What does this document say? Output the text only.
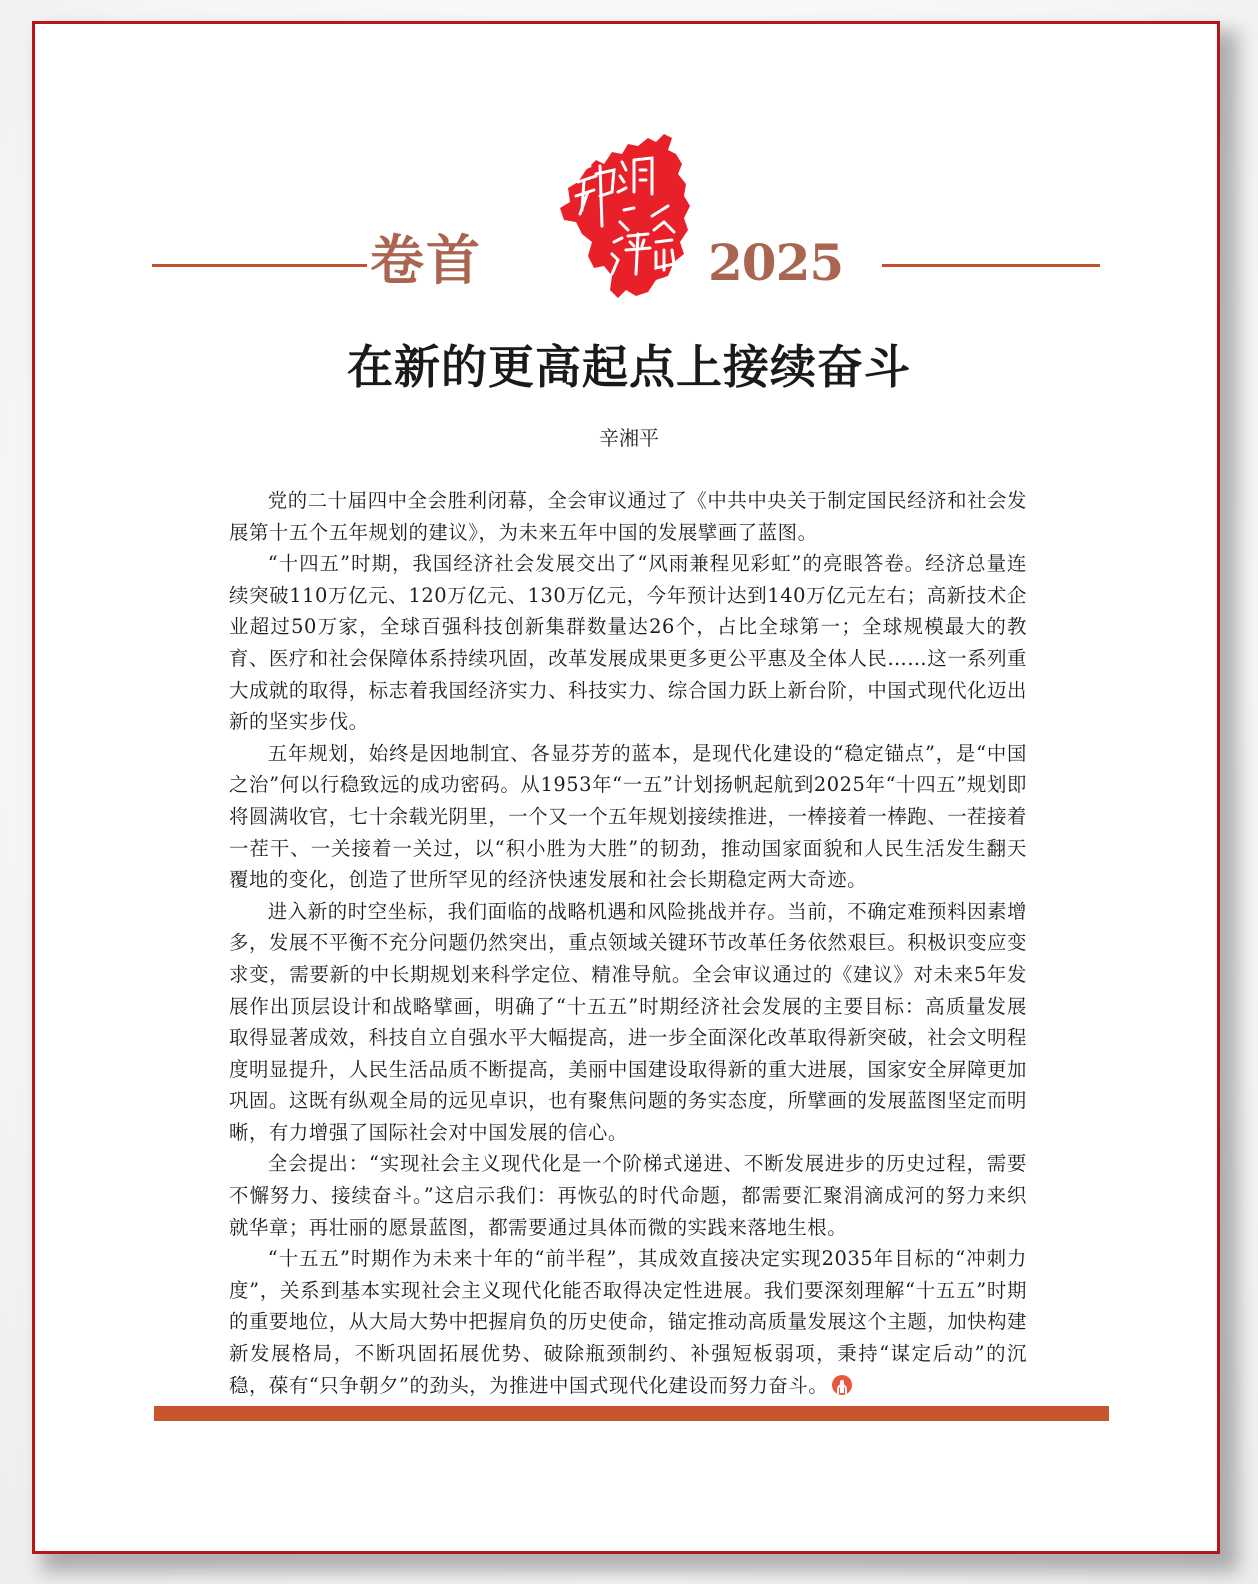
卷首	2025
在新的更高起点上接续奋斗
辛湘平

党的二十届四中全会胜利闭幕，全会审议通过了《中共中央关于制定国民经济和社会发展第十五个五年规划的建议》，为未来五年中国的发展擘画了蓝图。

“十四五”时期，我国经济社会发展交出了“风雨兼程见彩虹”的亮眼答卷。经济总量连续突破110万亿元、120万亿元、130万亿元，今年预计达到140万亿元左右；高新技术企业超过50万家，全球百强科技创新集群数量达26个，占比全球第一；全球规模最大的教育、医疗和社会保障体系持续巩固，改革发展成果更多更公平惠及全体人民……这一系列重大成就的取得，标志着我国经济实力、科技实力、综合国力跃上新台阶，中国式现代化迈出新的坚实步伐。

五年规划，始终是因地制宜、各显芬芳的蓝本，是现代化建设的“稳定锚点”，是“中国之治”何以行稳致远的成功密码。从1953年“一五”计划扬帆起航到2025年“十四五”规划即将圆满收官，七十余载光阴里，一个又一个五年规划接续推进，一棒接着一棒跑、一茬接着一茬干、一关接着一关过，以“积小胜为大胜”的韧劲，推动国家面貌和人民生活发生翻天覆地的变化，创造了世所罕见的经济快速发展和社会长期稳定两大奇迹。

进入新的时空坐标，我们面临的战略机遇和风险挑战并存。当前，不确定难预料因素增多，发展不平衡不充分问题仍然突出，重点领域关键环节改革任务依然艰巨。积极识变应变求变，需要新的中长期规划来科学定位、精准导航。全会审议通过的《建议》对未来5年发展作出顶层设计和战略擘画，明确了“十五五”时期经济社会发展的主要目标：高质量发展取得显著成效，科技自立自强水平大幅提高，进一步全面深化改革取得新突破，社会文明程度明显提升，人民生活品质不断提高，美丽中国建设取得新的重大进展，国家安全屏障更加巩固。这既有纵观全局的远见卓识，也有聚焦问题的务实态度，所擘画的发展蓝图坚定而明晰，有力增强了国际社会对中国发展的信心。

全会提出：“实现社会主义现代化是一个阶梯式递进、不断发展进步的历史过程，需要不懈努力、接续奋斗。”这启示我们：再恢弘的时代命题，都需要汇聚涓滴成河的努力来织就华章；再壮丽的愿景蓝图，都需要通过具体而微的实践来落地生根。

“十五五”时期作为未来十年的“前半程”，其成效直接决定实现2035年目标的“冲刺力度”，关系到基本实现社会主义现代化能否取得决定性进展。我们要深刻理解“十五五”时期的重要地位，从大局大势中把握肩负的历史使命，锚定推动高质量发展这个主题，加快构建新发展格局，不断巩固拓展优势、破除瓶颈制约、补强短板弱项，秉持“谋定后动”的沉稳，葆有“只争朝夕”的劲头，为推进中国式现代化建设而努力奋斗。
